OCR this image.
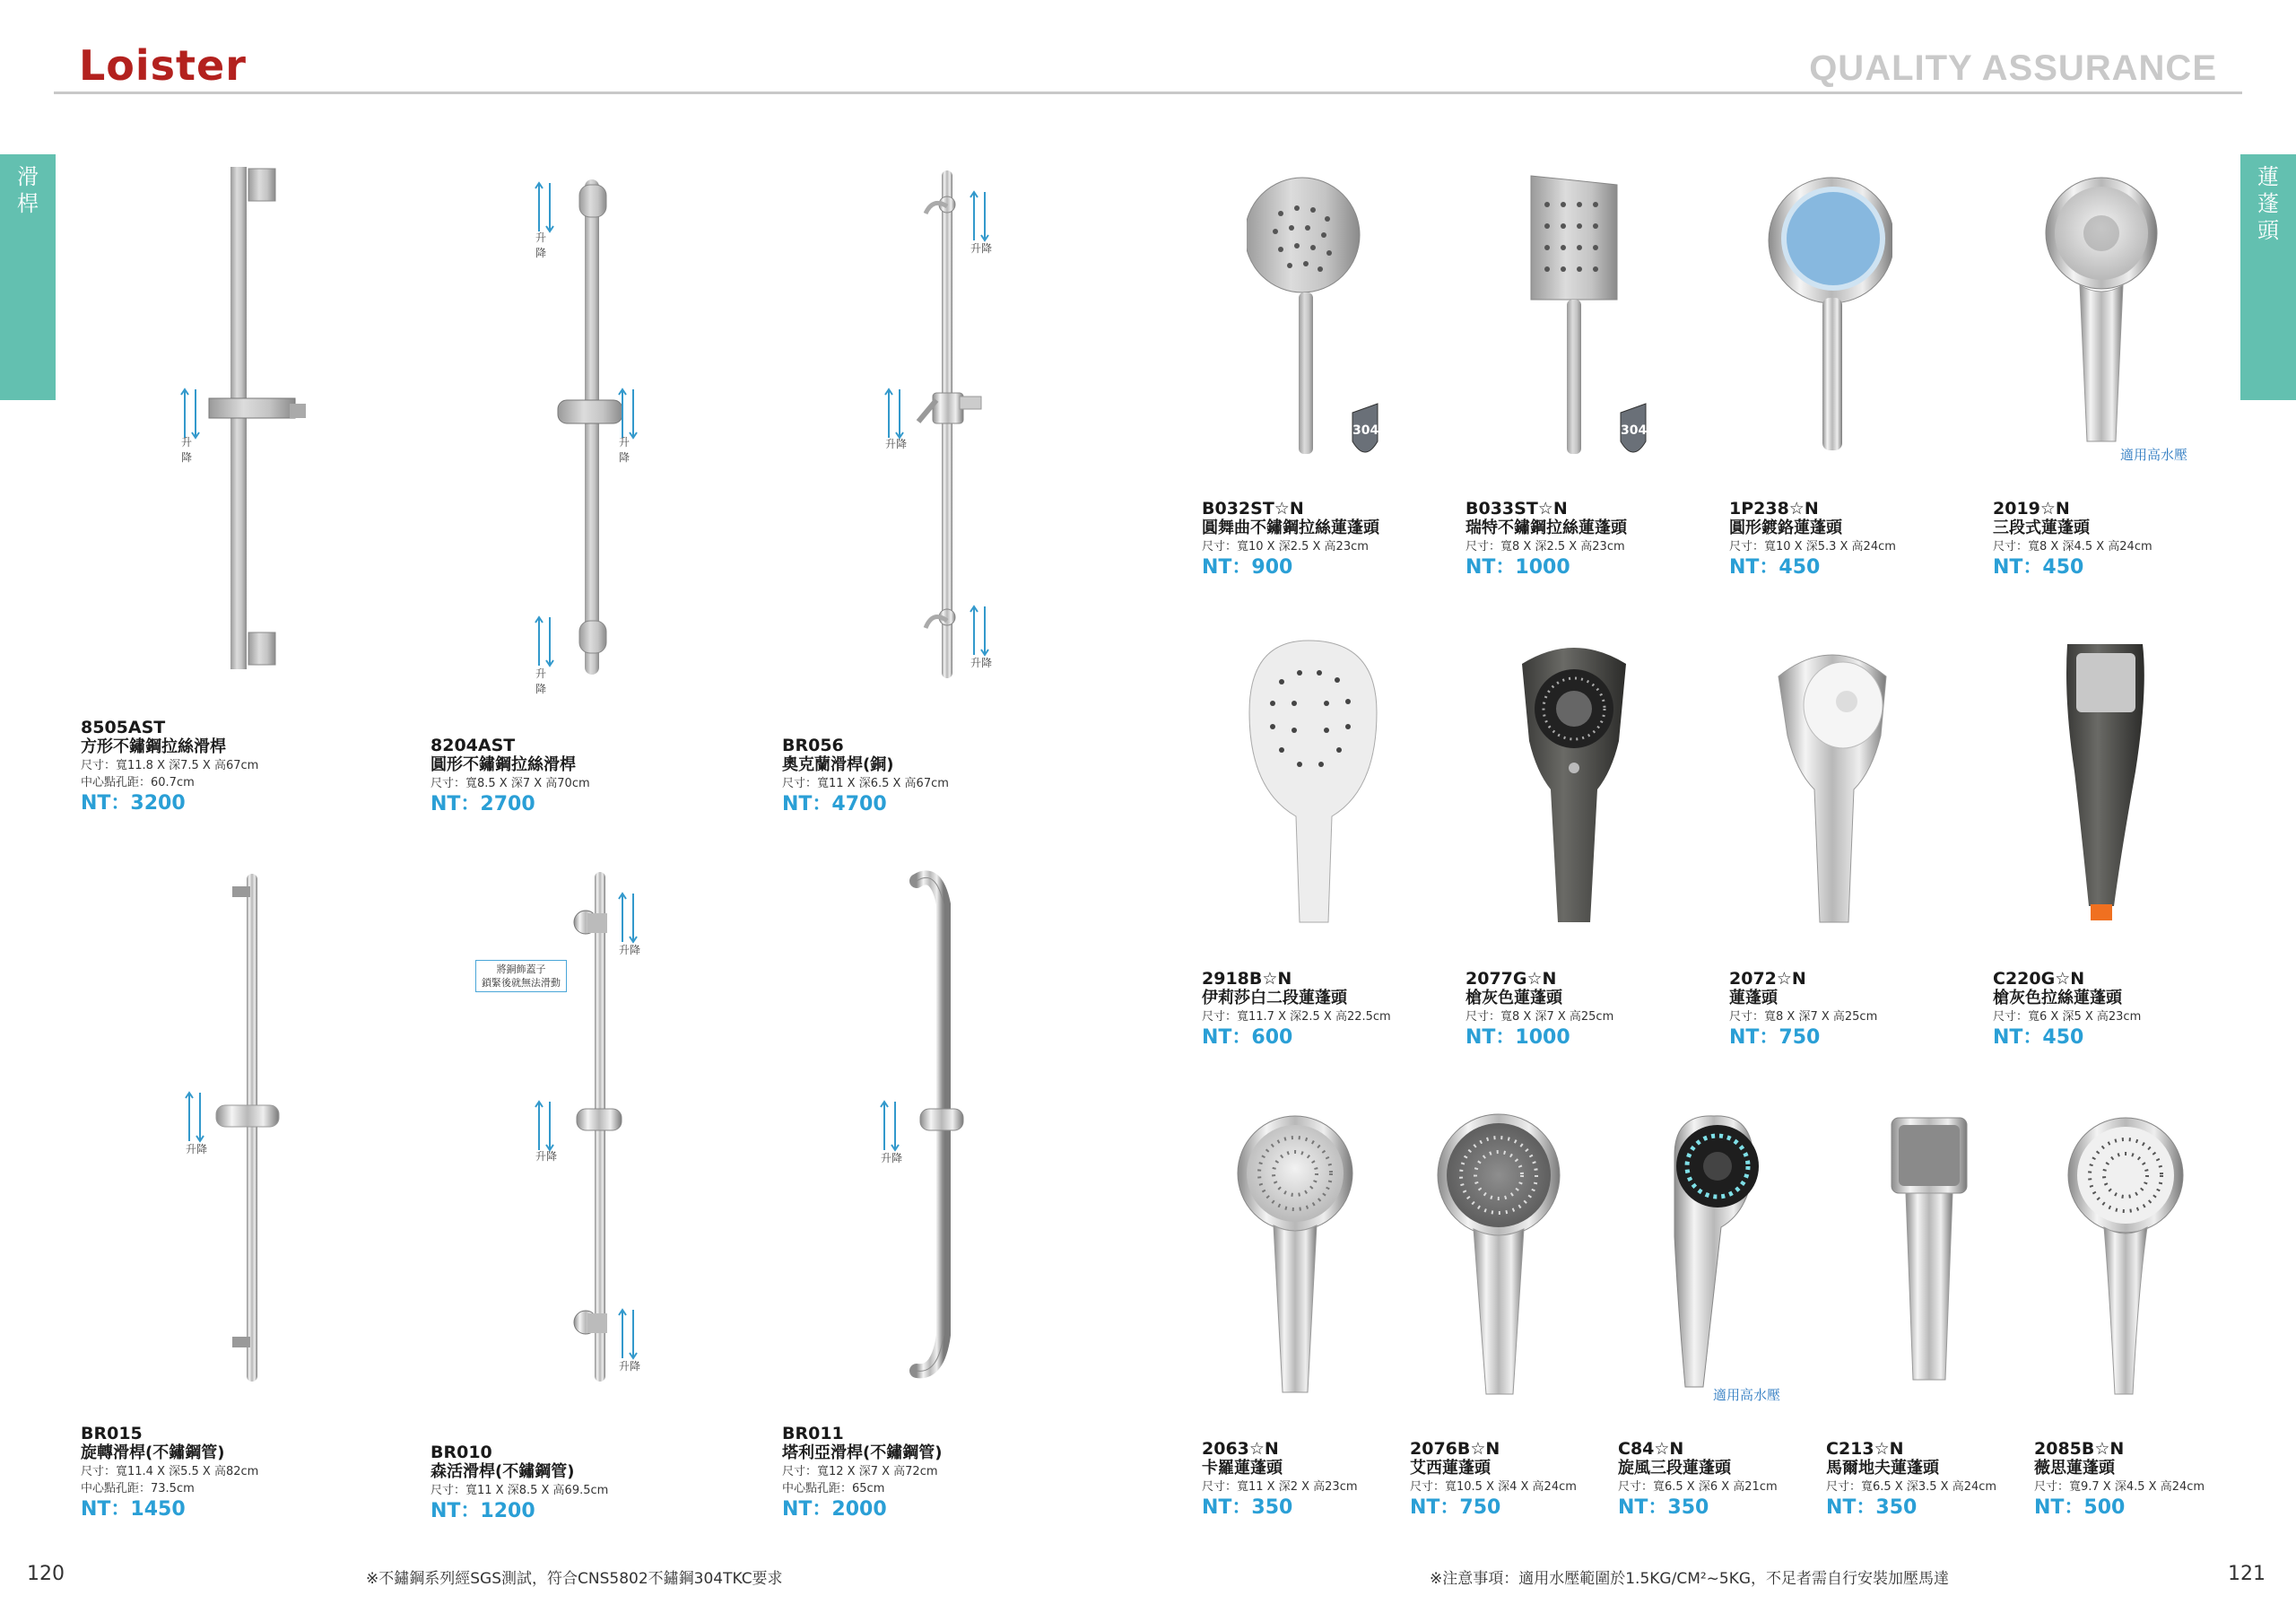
Loister	QUALITY ASSURANCE
滑
桿
蓮
蓬
頭
升降
8505AST
方形不鏽鋼拉絲滑桿
尺寸：寬11.8 X 深7.5 X 高67cm
中心點孔距：60.7cm
NT：3200
升降
升降
升降
8204AST
圓形不鏽鋼拉絲滑桿
尺寸：寬8.5 X 深7 X 高70cm
NT：2700
升降
升降
升降
BR056
奧克蘭滑桿(銅)
尺寸：寬11 X 深6.5 X 高67cm
NT：4700
升降
BR015
旋轉滑桿(不鏽鋼管)
尺寸：寬11.4 X 深5.5 X 高82cm
中心點孔距：73.5cm
NT：1450
升降
將銅飾蓋子
鎖緊後就無法滑動
升降
升降
BR010
森活滑桿(不鏽鋼管)
尺寸：寬11 X 深8.5 X 高69.5cm
NT：1200
升降
BR011
塔利亞滑桿(不鏽鋼管)
尺寸：寬12 X 深7 X 高72cm
中心點孔距：65cm
NT：2000
304
B032ST☆N
圓舞曲不鏽鋼拉絲蓮蓬頭
尺寸：寬10 X 深2.5 X 高23cm
NT：900
304
B033ST☆N
瑞特不鏽鋼拉絲蓮蓬頭
尺寸：寬8 X 深2.5 X 高23cm
NT：1000
1P238☆N
圓形鍍鉻蓮蓬頭
尺寸：寬10 X 深5.3 X 高24cm
NT：450
適用高水壓
2019☆N
三段式蓮蓬頭
尺寸：寬8 X 深4.5 X 高24cm
NT：450
2918B☆N
伊莉莎白二段蓮蓬頭
尺寸：寬11.7 X 深2.5 X 高22.5cm
NT：600
2077G☆N
槍灰色蓮蓬頭
尺寸：寬8 X 深7 X 高25cm
NT：1000
2072☆N
蓮蓬頭
尺寸：寬8 X 深7 X 高25cm
NT：750
C220G☆N
槍灰色拉絲蓮蓬頭
尺寸：寬6 X 深5 X 高23cm
NT：450
2063☆N
卡羅蓮蓬頭
尺寸：寬11 X 深2 X 高23cm
NT：350
2076B☆N
艾西蓮蓬頭
尺寸：寬10.5 X 深4 X 高24cm
NT：750
適用高水壓
C84☆N
旋風三段蓮蓬頭
尺寸：寬6.5 X 深6 X 高21cm
NT：350
C213☆N
馬爾地夫蓮蓬頭
尺寸：寬6.5 X 深3.5 X 高24cm
NT：350
2085B☆N
薇思蓮蓬頭
尺寸：寬9.7 X 深4.5 X 高24cm
NT：500
120	※不鏽鋼系列經SGS測試，符合CNS5802不鏽鋼304TKC要求	※注意事項：適用水壓範圍於1.5KG/CM²~5KG，不足者需自行安裝加壓馬達	121
